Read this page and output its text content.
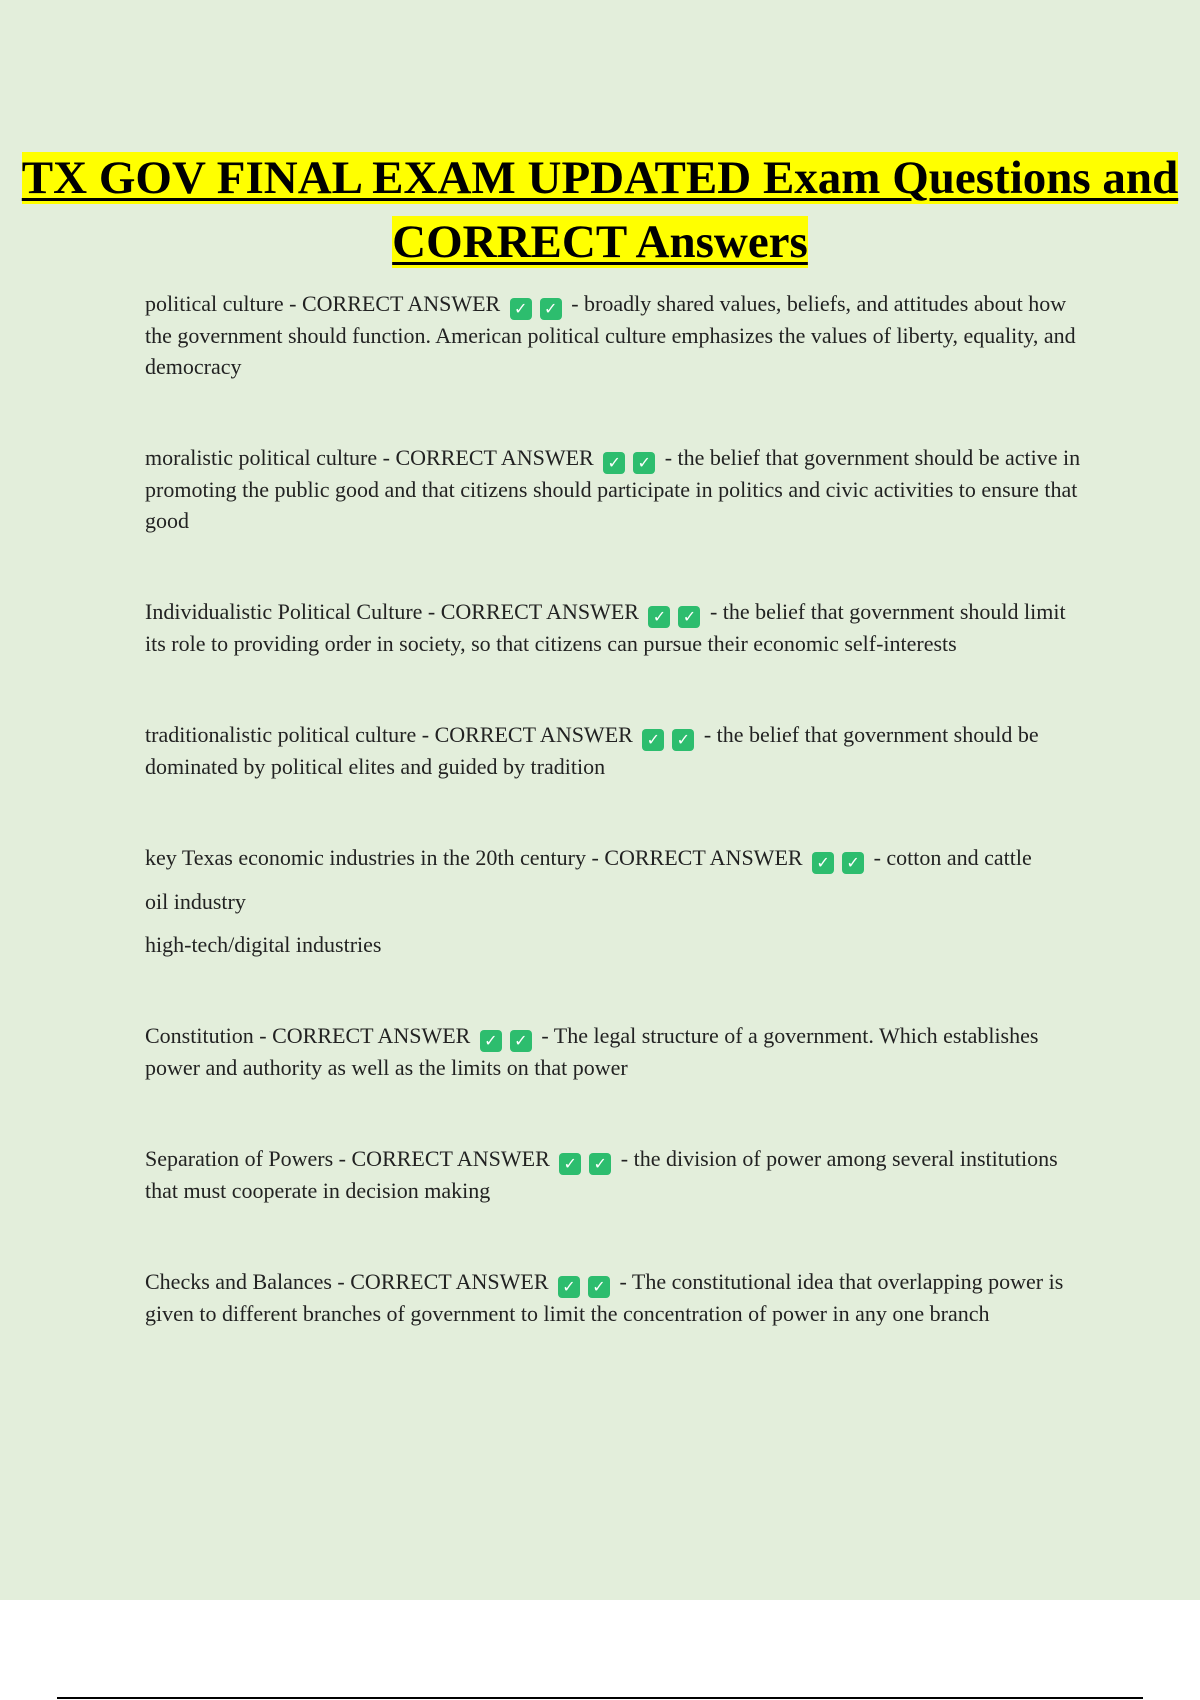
TX GOV FINAL EXAM UPDATED Exam Questions and CORRECT Answers

political culture - CORRECT ANSWER ✓ ✓ - broadly shared values, beliefs, and attitudes about how the government should function. American political culture emphasizes the values of liberty, equality, and democracy

moralistic political culture - CORRECT ANSWER ✓ ✓ - the belief that government should be active in promoting the public good and that citizens should participate in politics and civic activities to ensure that good

Individualistic Political Culture - CORRECT ANSWER ✓ ✓ - the belief that government should limit its role to providing order in society, so that citizens can pursue their economic self-interests

traditionalistic political culture - CORRECT ANSWER ✓ ✓ - the belief that government should be dominated by political elites and guided by tradition

key Texas economic industries in the 20th century - CORRECT ANSWER ✓ ✓ - cotton and cattle

oil industry

high-tech/digital industries

Constitution - CORRECT ANSWER ✓ ✓ - The legal structure of a government. Which establishes power and authority as well as the limits on that power

Separation of Powers - CORRECT ANSWER ✓ ✓ - the division of power among several institutions that must cooperate in decision making

Checks and Balances - CORRECT ANSWER ✓ ✓ - The constitutional idea that overlapping power is given to different branches of government to limit the concentration of power in any one branch
